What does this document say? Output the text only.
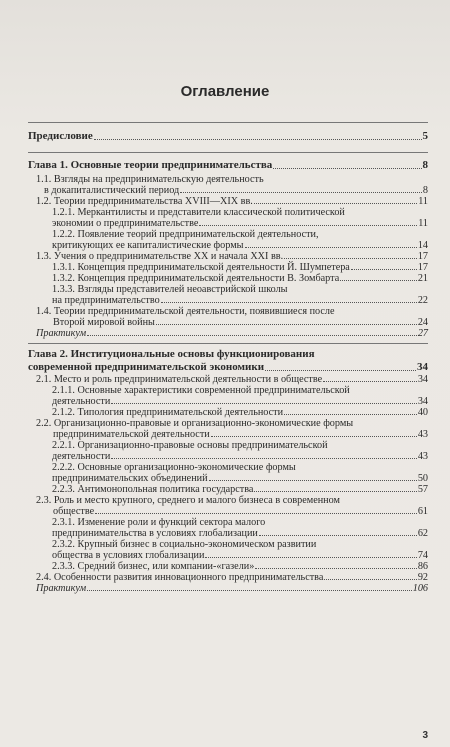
Оглавление
Предисловие	5
Глава 1. Основные теории предпринимательства	8
1.1. Взгляды на предпринимательскую деятельность
в докапиталистический период	8
1.2. Теории предпринимательства XVIII—XIX вв.	11
1.2.1. Меркантилисты и представители классической политической
экономии о предпринимательстве	11
1.2.2. Появление теорий предпринимательской деятельности,
критикующих ее капиталистические формы	14
1.3. Учения о предпринимательстве XX и начала XXI вв.	17
1.3.1. Концепция предпринимательской деятельности Й. Шумпетера	17
1.3.2. Концепция предпринимательской деятельности В. Зомбарта	21
1.3.3. Взгляды представителей неоавстрийской школы
на предпринимательство	22
1.4. Теории предпринимательской деятельности, появившиеся после
Второй мировой войны	24
Практикум	27
Глава 2. Институциональные основы функционирования
современной предпринимательской экономики	34
2.1. Место и роль предпринимательской деятельности в обществе	34
2.1.1. Основные характеристики современной предпринимательской
деятельности	34
2.1.2. Типология предпринимательской деятельности	40
2.2. Организационно-правовые и организационно-экономические формы
предпринимательской деятельности	43
2.2.1. Организационно-правовые основы предпринимательской
деятельности	43
2.2.2. Основные организационно-экономические формы
предпринимательских объединений	50
2.2.3. Антимонопольная политика государства	57
2.3. Роль и место крупного, среднего и малого бизнеса в современном
обществе	61
2.3.1. Изменение роли и функций сектора малого
предпринимательства в условиях глобализации	62
2.3.2. Крупный бизнес в социально-экономическом развитии
общества в условиях глобализации	74
2.3.3. Средний бизнес, или компании-«газели»	86
2.4. Особенности развития инновационного предпринимательства	92
Практикум	106
3
